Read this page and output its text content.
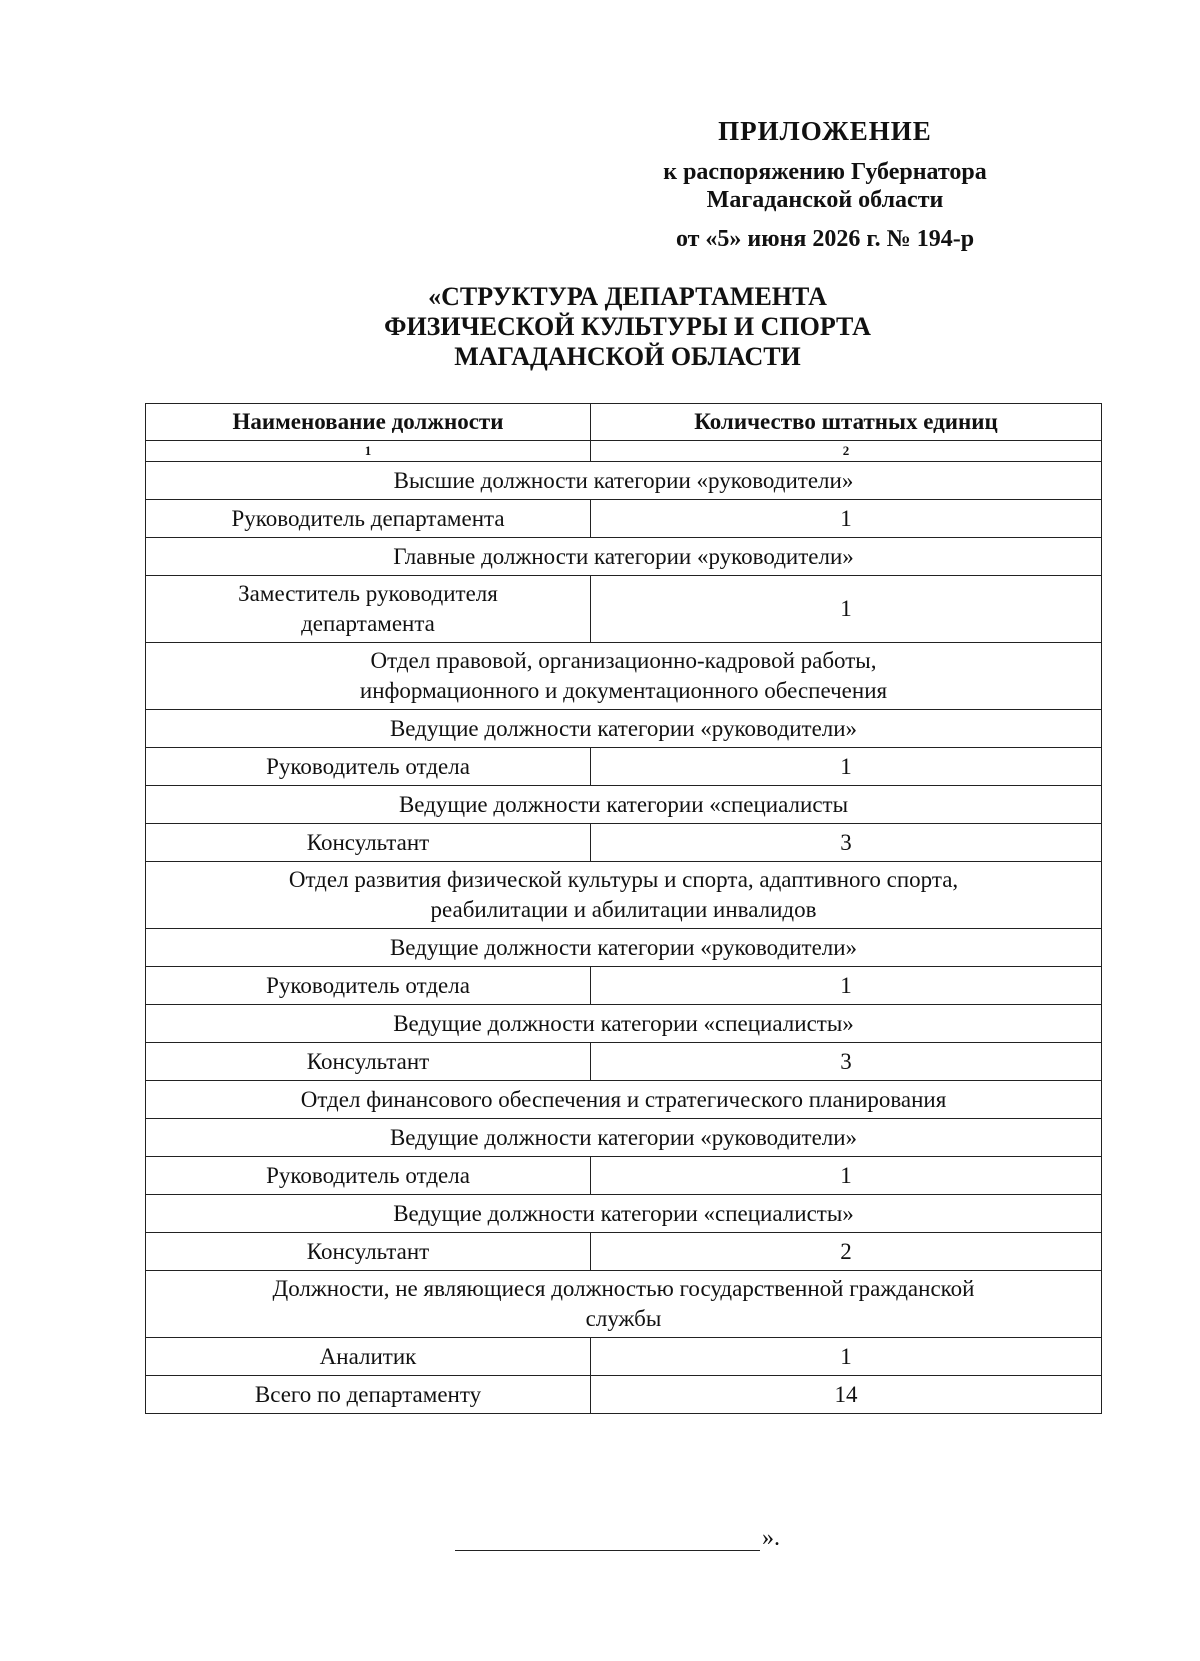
ПРИЛОЖЕНИЕ
к распоряжению Губернатора
Магаданской области
от «5» июня 2026 г. № 194-р
«СТРУКТУРА ДЕПАРТАМЕНТА
ФИЗИЧЕСКОЙ КУЛЬТУРЫ И СПОРТА
МАГАДАНСКОЙ ОБЛАСТИ
Наименование должности	Количество штатных единиц
1	2
Высшие должности категории «руководители»	
Руководитель департамента	1
Главные должности категории «руководители»	

Заместитель руководителя
департамента	1

Отдел правовой, организационно-кадровой работы,
информационного и документационного обеспечения	

Ведущие должности категории «руководители»	
Руководитель отдела	1
Ведущие должности категории «специалисты	
Консультант	3

Отдел развития физической культуры и спорта, адаптивного спорта,
реабилитации и абилитации инвалидов	

Ведущие должности категории «руководители»	
Руководитель отдела	1
Ведущие должности категории «специалисты»	
Консультант	3
Отдел финансового обеспечения и стратегического планирования	
Ведущие должности категории «руководители»	
Руководитель отдела	1
Ведущие должности категории «специалисты»	
Консультант	2

Должности, не являющиеся должностью государственной гражданской
службы	

Аналитик	1
Всего по департаменту	14
».
